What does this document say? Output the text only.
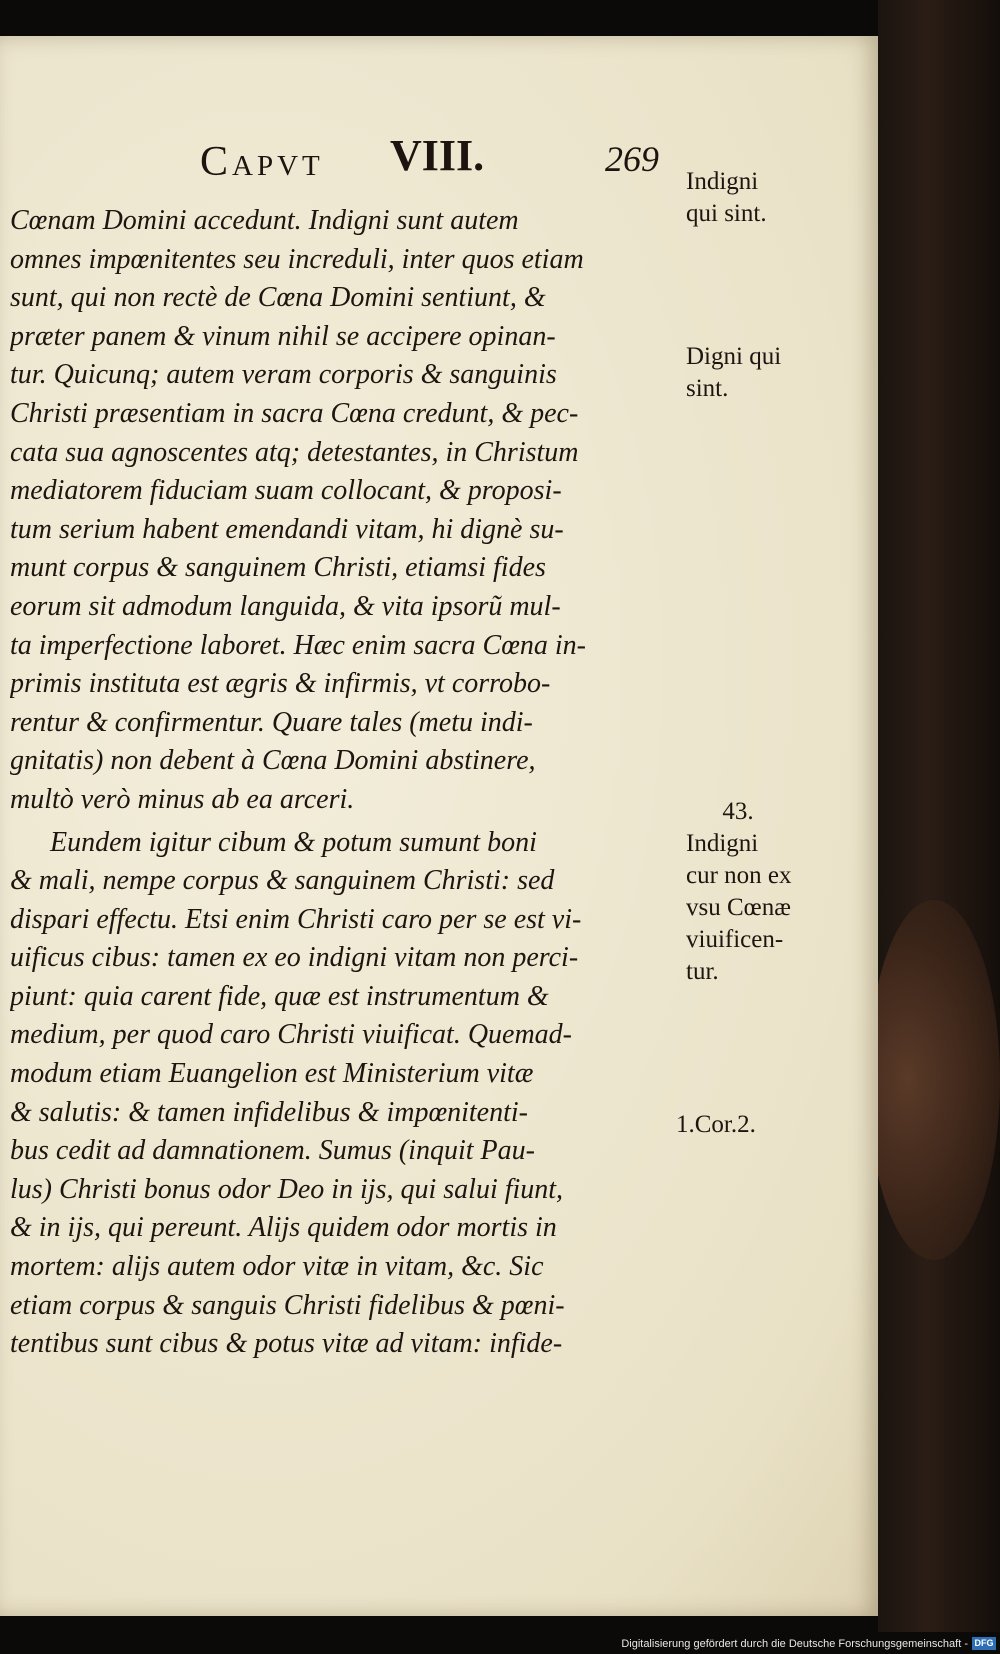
Capvt VIII.	269
Cœnam Domini accedunt. Indigni sunt autem
omnes impœnitentes seu increduli, inter quos etiam
sunt, qui non rectè de Cœna Domini sentiunt, &
præter panem & vinum nihil se accipere opinan-
tur. Quicunq; autem veram corporis & sanguinis
Christi præsentiam in sacra Cœna credunt, & pec-
cata sua agnoscentes atq; detestantes, in Christum
mediatorem fiduciam suam collocant, & proposi-
tum serium habent emendandi vitam, hi dignè su-
munt corpus & sanguinem Christi, etiamsi fides
eorum sit admodum languida, & vita ipsorũ mul-
ta imperfectione laboret. Hæc enim sacra Cœna in-
primis instituta est ægris & infirmis, vt corrobo-
rentur & confirmentur. Quare tales (metu indi-
gnitatis) non debent à Cœna Domini abstinere,
multò verò minus ab ea arceri.
Eundem igitur cibum & potum sumunt boni
& mali, nempe corpus & sanguinem Christi: sed
dispari effectu. Etsi enim Christi caro per se est vi-
uificus cibus: tamen ex eo indigni vitam non perci-
piunt: quia carent fide, quæ est instrumentum &
medium, per quod caro Christi viuificat. Quemad-
modum etiam Euangelion est Ministerium vitæ
& salutis: & tamen infidelibus & impœnitenti-
bus cedit ad damnationem. Sumus (inquit Pau-
lus) Christi bonus odor Deo in ijs, qui salui fiunt,
& in ijs, qui pereunt. Alijs quidem odor mortis in
mortem: alijs autem odor vitæ in vitam, &c. Sic
etiam corpus & sanguis Christi fidelibus & pœni-
tentibus sunt cibus & potus vitæ ad vitam: infide-
Indigni
qui sint.
Digni qui
sint.
43.
Indigni
cur non ex
vsu Cœnæ
viuificen-
tur.
1.Cor.2.
Digitalisierung gefördert durch die Deutsche Forschungsgemeinschaft - DFG
